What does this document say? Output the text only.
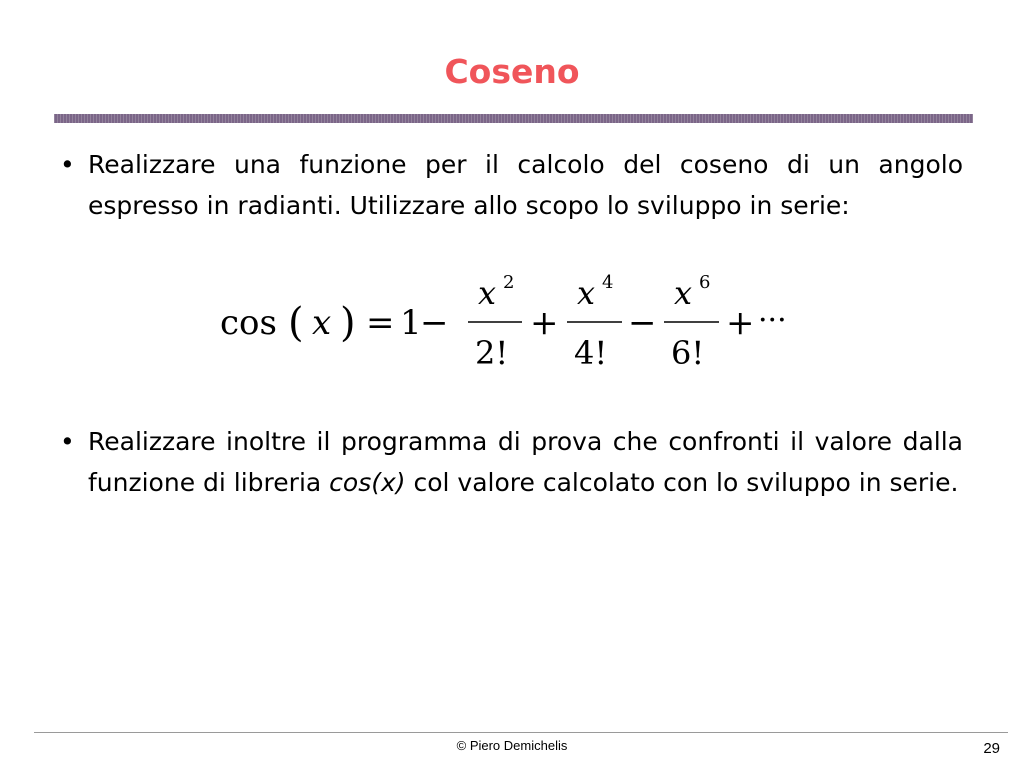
Coseno
• Realizzare una funzione per il calcolo del coseno di un angolo espresso in radianti. Utilizzare allo scopo lo sviluppo in serie:
cos ( x ) = 1
−
x 2
2!
+
x 4
4!
−
x 6
6!
+ ···
• Realizzare inoltre il programma di prova che confronti il valore dalla funzione di libreria cos(x) col valore calcolato con lo sviluppo in serie.
© Piero Demichelis	29
